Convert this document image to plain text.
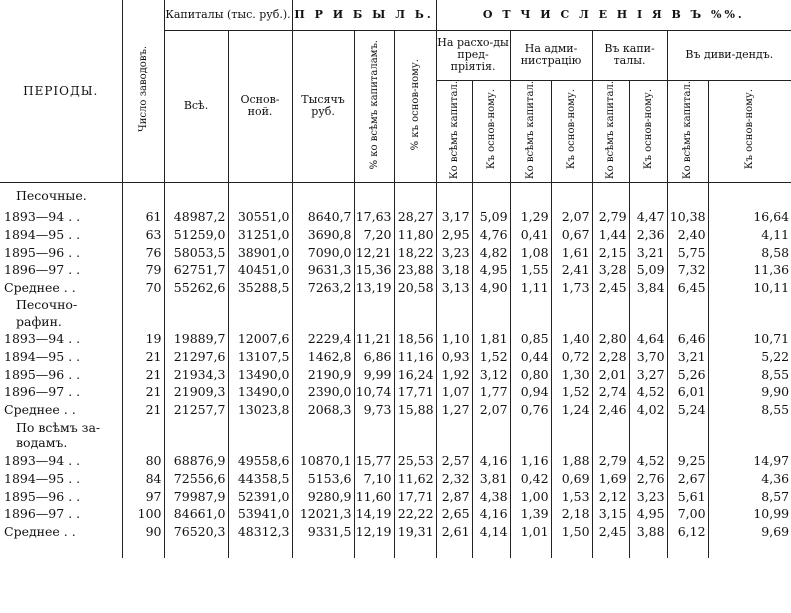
ПЕРІОДЫ.	Число заводовъ.	Капиталы (тыс. руб.).		П Р И Б Ы Л Ь.			О Т Ч И С Л Е Н І Я В Ъ %%.							
		Всѣ.	Основ-ной.	Тысячъ руб.	% ко всѣмъ капиталамъ.	% къ основ-ному.	На расхо-ды пред-пріятія.		На адми-нистрацію		Въ капи-талы.		Въ диви-дендъ.	
							Ко всѣмъ капитал.	Къ основ-ному.	Ко всѣмъ капитал.	Къ основ-ному.	Ко всѣмъ капитал.	Къ основ-ному.	Ко всѣмъ капитал.	Къ основ-ному.
Песочные.														
1893—94 . .	61	48987,2	30551,0	8640,7	17,63	28,27	3,17	5,09	1,29	2,07	2,79	4,47	10,38	16,64
1894—95 . .	63	51259,0	31251,0	3690,8	7,20	11,80	2,95	4,76	0,41	0,67	1,44	2,36	2,40	4,11
1895—96 . .	76	58053,5	38901,0	7090,0	12,21	18,22	3,23	4,82	1,08	1,61	2,15	3,21	5,75	8,58
1896—97 . .	79	62751,7	40451,0	9631,3	15,36	23,88	3,18	4,95	1,55	2,41	3,28	5,09	7,32	11,36
Среднее . .	70	55262,6	35288,5	7263,2	13,19	20,58	3,13	4,90	1,11	1,73	2,45	3,84	6,45	10,11
Песочно-рафин.														
1893—94 . .	19	19889,7	12007,6	2229,4	11,21	18,56	1,10	1,81	0,85	1,40	2,80	4,64	6,46	10,71
1894—95 . .	21	21297,6	13107,5	1462,8	6,86	11,16	0,93	1,52	0,44	0,72	2,28	3,70	3,21	5,22
1895—96 . .	21	21934,3	13490,0	2190,9	9,99	16,24	1,92	3,12	0,80	1,30	2,01	3,27	5,26	8,55
1896—97 . .	21	21909,3	13490,0	2390,0	10,74	17,71	1,07	1,77	0,94	1,52	2,74	4,52	6,01	9,90
Среднее . .	21	21257,7	13023,8	2068,3	9,73	15,88	1,27	2,07	0,76	1,24	2,46	4,02	5,24	8,55
По всѣмъ за-водамъ.														
1893—94 . .	80	68876,9	49558,6	10870,1	15,77	25,53	2,57	4,16	1,16	1,88	2,79	4,52	9,25	14,97
1894—95 . .	84	72556,6	44358,5	5153,6	7,10	11,62	2,32	3,81	0,42	0,69	1,69	2,76	2,67	4,36
1895—96 . .	97	79987,9	52391,0	9280,9	11,60	17,71	2,87	4,38	1,00	1,53	2,12	3,23	5,61	8,57
1896—97 . .	100	84661,0	53941,0	12021,3	14,19	22,22	2,65	4,16	1,39	2,18	3,15	4,95	7,00	10,99
Среднее . .	90	76520,3	48312,3	9331,5	12,19	19,31	2,61	4,14	1,01	1,50	2,45	3,88	6,12	9,69
